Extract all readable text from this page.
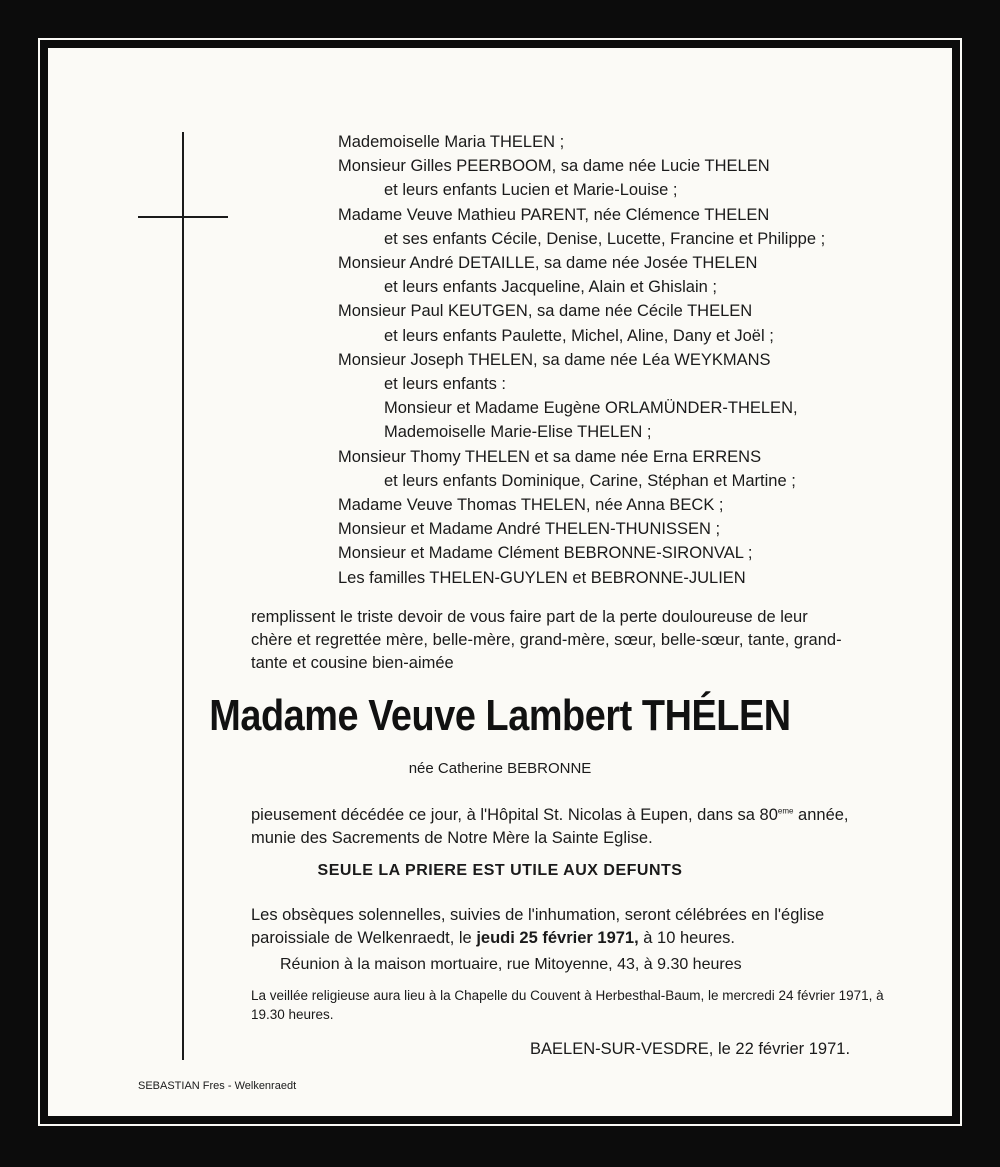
Mademoiselle Maria THELEN ;
Monsieur Gilles PEERBOOM, sa dame née Lucie THELEN
et leurs enfants Lucien et Marie-Louise ;
Madame Veuve Mathieu PARENT, née Clémence THELEN
et ses enfants Cécile, Denise, Lucette, Francine et Philippe ;
Monsieur André DETAILLE, sa dame née Josée THELEN
et leurs enfants Jacqueline, Alain et Ghislain ;
Monsieur Paul KEUTGEN, sa dame née Cécile THELEN
et leurs enfants Paulette, Michel, Aline, Dany et Joël ;
Monsieur Joseph THELEN, sa dame née Léa WEYKMANS
et leurs enfants :
Monsieur et Madame Eugène ORLAMÜNDER-THELEN,
Mademoiselle Marie-Elise THELEN ;
Monsieur Thomy THELEN et sa dame née Erna ERRENS
et leurs enfants Dominique, Carine, Stéphan et Martine ;
Madame Veuve Thomas THELEN, née Anna BECK ;
Monsieur et Madame André THELEN-THUNISSEN ;
Monsieur et Madame Clément BEBRONNE-SIRONVAL ;
Les familles THELEN-GUYLEN et BEBRONNE-JULIEN
remplissent le triste devoir de vous faire part de la perte douloureuse de leur chère et regrettée mère, belle-mère, grand-mère, sœur, belle-sœur, tante, grand-tante et cousine bien-aimée
Madame Veuve Lambert THÉLEN
née Catherine BEBRONNE
pieusement décédée ce jour, à l'Hôpital St. Nicolas à Eupen, dans sa 80eme année, munie des Sacrements de Notre Mère la Sainte Eglise.
SEULE LA PRIERE EST UTILE AUX DEFUNTS
Les obsèques solennelles, suivies de l'inhumation, seront célébrées en l'église paroissiale de Welkenraedt, le jeudi 25 février 1971, à 10 heures.
Réunion à la maison mortuaire, rue Mitoyenne, 43, à 9.30 heures
La veillée religieuse aura lieu à la Chapelle du Couvent à Herbesthal-Baum, le mercredi 24 février 1971, à 19.30 heures.
BAELEN-SUR-VESDRE, le 22 février 1971.
SEBASTIAN Fres - Welkenraedt
